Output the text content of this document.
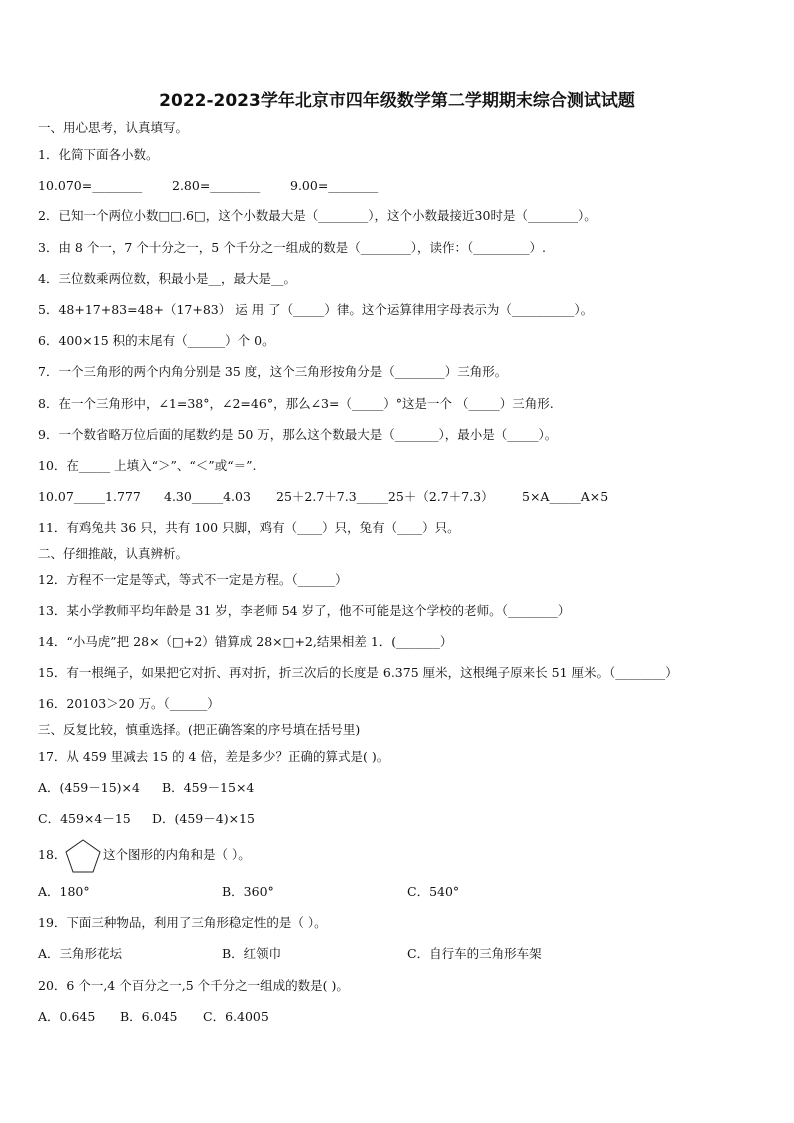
2022-2023学年北京市四年级数学第二学期期末综合测试试题
一、用心思考，认真填写。
1．化简下面各小数。
10.070=________ 2.80=________ 9.00=________
2．已知一个两位小数□□.6□，这个小数最大是（________），这个小数最接近30时是（________）。
3．由 8 个一，7 个十分之一，5 个千分之一组成的数是（________），读作：（_________）.
4．三位数乘两位数，积最小是__，最大是__。
5．48+17+83=48+（17+83） 运 用 了（_____）律。这个运算律用字母表示为（__________）。
6．400×15 积的末尾有（______）个 0。
7．一个三角形的两个内角分别是 35 度，这个三角形按角分是（________）三角形。
8．在一个三角形中，∠1=38°，∠2=46°，那么∠3=（_____）°这是一个 （_____）三角形.
9．一个数省略万位后面的尾数约是 50 万，那么这个数最大是（_______），最小是（_____）。
10．在_____ 上填入“＞”、“＜”或“＝”.
10.07_____1.777 4.30_____4.03 25＋2.7＋7.3_____25＋（2.7＋7.3） 5×A_____A×5
11．有鸡兔共 36 只，共有 100 只脚，鸡有（____）只，兔有（____）只。
二、仔细推敲，认真辨析。
12．方程不一定是等式，等式不一定是方程。（______）
13．某小学教师平均年龄是 31 岁，李老师 54 岁了，他不可能是这个学校的老师。（________）
14．“小马虎”把 28×（□+2）错算成 28×□+2,结果相差 1．(_______）
15．有一根绳子，如果把它对折、再对折，折三次后的长度是 6.375 厘米，这根绳子原来长 51 厘米。（________）
16．20103＞20 万。（______）
三、反复比较，慎重选择。(把正确答案的序号填在括号里)
17．从 459 里减去 15 的 4 倍，差是多少？正确的算式是( )。
A．(459－15)×4 B．459－15×4
C．459×4－15 D．(459－4)×15
18．	这个图形的内角和是（ ）。
A．180°	B．360°	C．540°
19．下面三种物品，利用了三角形稳定性的是（ ）。
A．三角形花坛	B．红领巾	C．自行车的三角形车架
20．6 个一,4 个百分之一,5 个千分之一组成的数是( )。
A．0.645 B．6.045 C．6.4005
